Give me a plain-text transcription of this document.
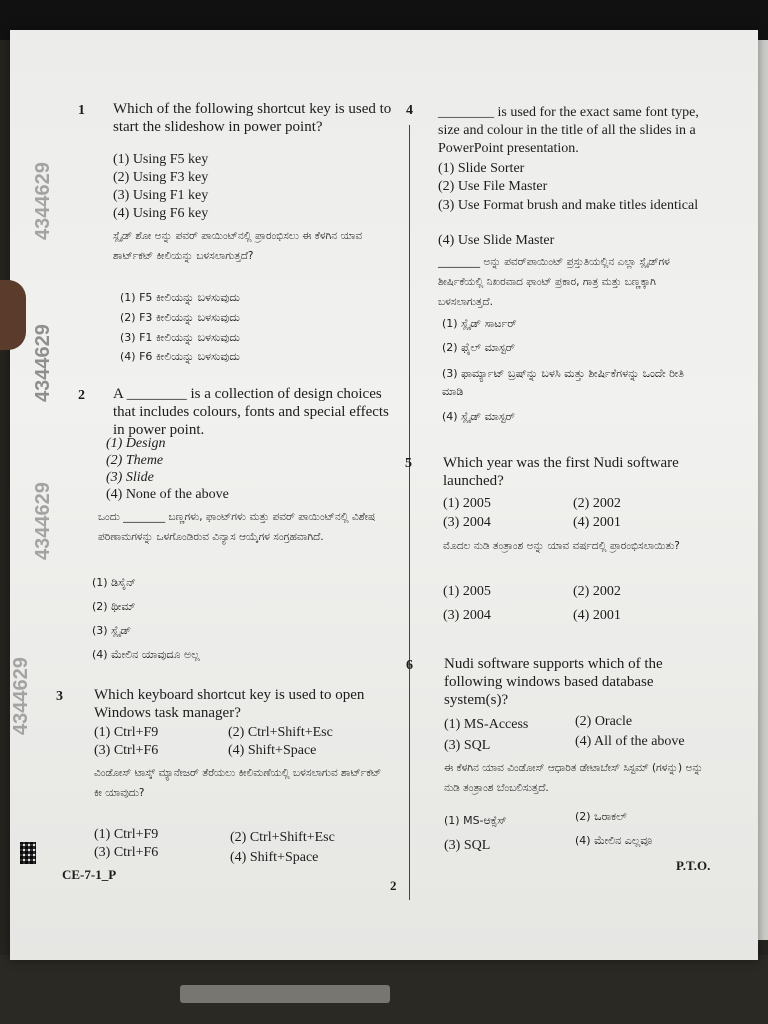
4344629
4344629
4344629
4344629
1 Which of the following shortcut key is used to start the slideshow in power point?
(1) Using F5 key
(2) Using F3 key
(3) Using F1 key
(4) Using F6 key
ಸ್ಲೈಡ್ ಶೋ ಅನ್ನು ಪವರ್ ಪಾಯಿಂಟ್‌ನಲ್ಲಿ ಪ್ರಾರಂಭಿಸಲು ಈ ಕೆಳಗಿನ ಯಾವ ಶಾರ್ಟ್‌ಕಟ್ ಕೀಲಿಯನ್ನು ಬಳಸಲಾಗುತ್ತದೆ?
(1) F5 ಕೀಲಿಯನ್ನು ಬಳಸುವುದು
(2) F3 ಕೀಲಿಯನ್ನು ಬಳಸುವುದು
(3) F1 ಕೀಲಿಯನ್ನು ಬಳಸುವುದು
(4) F6 ಕೀಲಿಯನ್ನು ಬಳಸುವುದು
2 A ________ is a collection of design choices that includes colours, fonts and special effects in power point.
(1) Design
(2) Theme
(3) Slide
(4) None of the above
ಒಂದು ________ ಬಣ್ಣಗಳು, ಫಾಂಟ್‌ಗಳು ಮತ್ತು ಪವರ್ ಪಾಯಿಂಟ್‌ನಲ್ಲಿ ವಿಶೇಷ ಪರಿಣಾಮಗಳನ್ನು ಒಳಗೊಂಡಿರುವ ವಿನ್ಯಾಸ ಆಯ್ಕೆಗಳ ಸಂಗ್ರಹವಾಗಿದೆ.
(1) ಡಿಸೈನ್
(2) ಥೀಮ್
(3) ಸ್ಲೈಡ್
(4) ಮೇಲಿನ ಯಾವುದೂ ಅಲ್ಲ
3 Which keyboard shortcut key is used to open Windows task manager?
(1) Ctrl+F9	(2) Ctrl+Shift+Esc
(3) Ctrl+F6	(4) Shift+Space
ವಿಂಡೋಸ್ ಟಾಸ್ಕ್ ಮ್ಯಾನೇಜರ್ ತೆರೆಯಲು ಕೀಲಿಮಣೆಯಲ್ಲಿ ಬಳಸಲಾಗುವ ಶಾರ್ಟ್‌ಕಟ್ ಕೀ ಯಾವುದು?
(1) Ctrl+F9	(2) Ctrl+Shift+Esc
(3) Ctrl+F6	(4) Shift+Space
4 ________ is used for the exact same font type, size and colour in the title of all the slides in a PowerPoint presentation.
(1) Slide Sorter
(2) Use File Master
(3) Use Format brush and make titles identical
(4) Use Slide Master
________ ಅನ್ನು ಪವರ್‌ಪಾಯಿಂಟ್ ಪ್ರಸ್ತುತಿಯಲ್ಲಿನ ಎಲ್ಲಾ ಸ್ಲೈಡ್‌ಗಳ ಶೀರ್ಷಿಕೆಯಲ್ಲಿ ನಿಖರವಾದ ಫಾಂಟ್ ಪ್ರಕಾರ, ಗಾತ್ರ ಮತ್ತು ಬಣ್ಣಕ್ಕಾಗಿ ಬಳಸಲಾಗುತ್ತದೆ.
(1) ಸ್ಲೈಡ್ ಸಾರ್ಟರ್
(2) ಫೈಲ್ ಮಾಸ್ಟರ್
(3) ಫಾರ್ಮ್ಯಾಟ್ ಬ್ರಷ್‌ನ್ನು ಬಳಸಿ ಮತ್ತು ಶೀರ್ಷಿಕೆಗಳನ್ನು ಒಂದೇ ರೀತಿ ಮಾಡಿ
(4) ಸ್ಲೈಡ್ ಮಾಸ್ಟರ್
5 Which year was the first Nudi software launched?
(1) 2005	(2) 2002
(3) 2004	(4) 2001
ಮೊದಲ ನುಡಿ ತಂತ್ರಾಂಶ ಅನ್ನು ಯಾವ ವರ್ಷದಲ್ಲಿ ಪ್ರಾರಂಭಿಸಲಾಯಿತು?
(1) 2005	(2) 2002
(3) 2004	(4) 2001
6 Nudi software supports which of the following windows based database system(s)?
(1) MS-Access	(2) Oracle
(3) SQL	(4) All of the above
ಈ ಕೆಳಗಿನ ಯಾವ ವಿಂಡೋಸ್ ಆಧಾರಿತ ಡೇಟಾಬೇಸ್ ಸಿಸ್ಟಮ್ (ಗಳನ್ನು) ಅನ್ನು ನುಡಿ ತಂತ್ರಾಂಶ ಬೆಂಬಲಿಸುತ್ತದೆ.
(1) MS-ಆಕ್ಸೆಸ್	(2) ಒರಾಕಲ್
(3) SQL	(4) ಮೇಲಿನ ಎಲ್ಲವೂ
CE-7-1_P
2
P.T.O.
